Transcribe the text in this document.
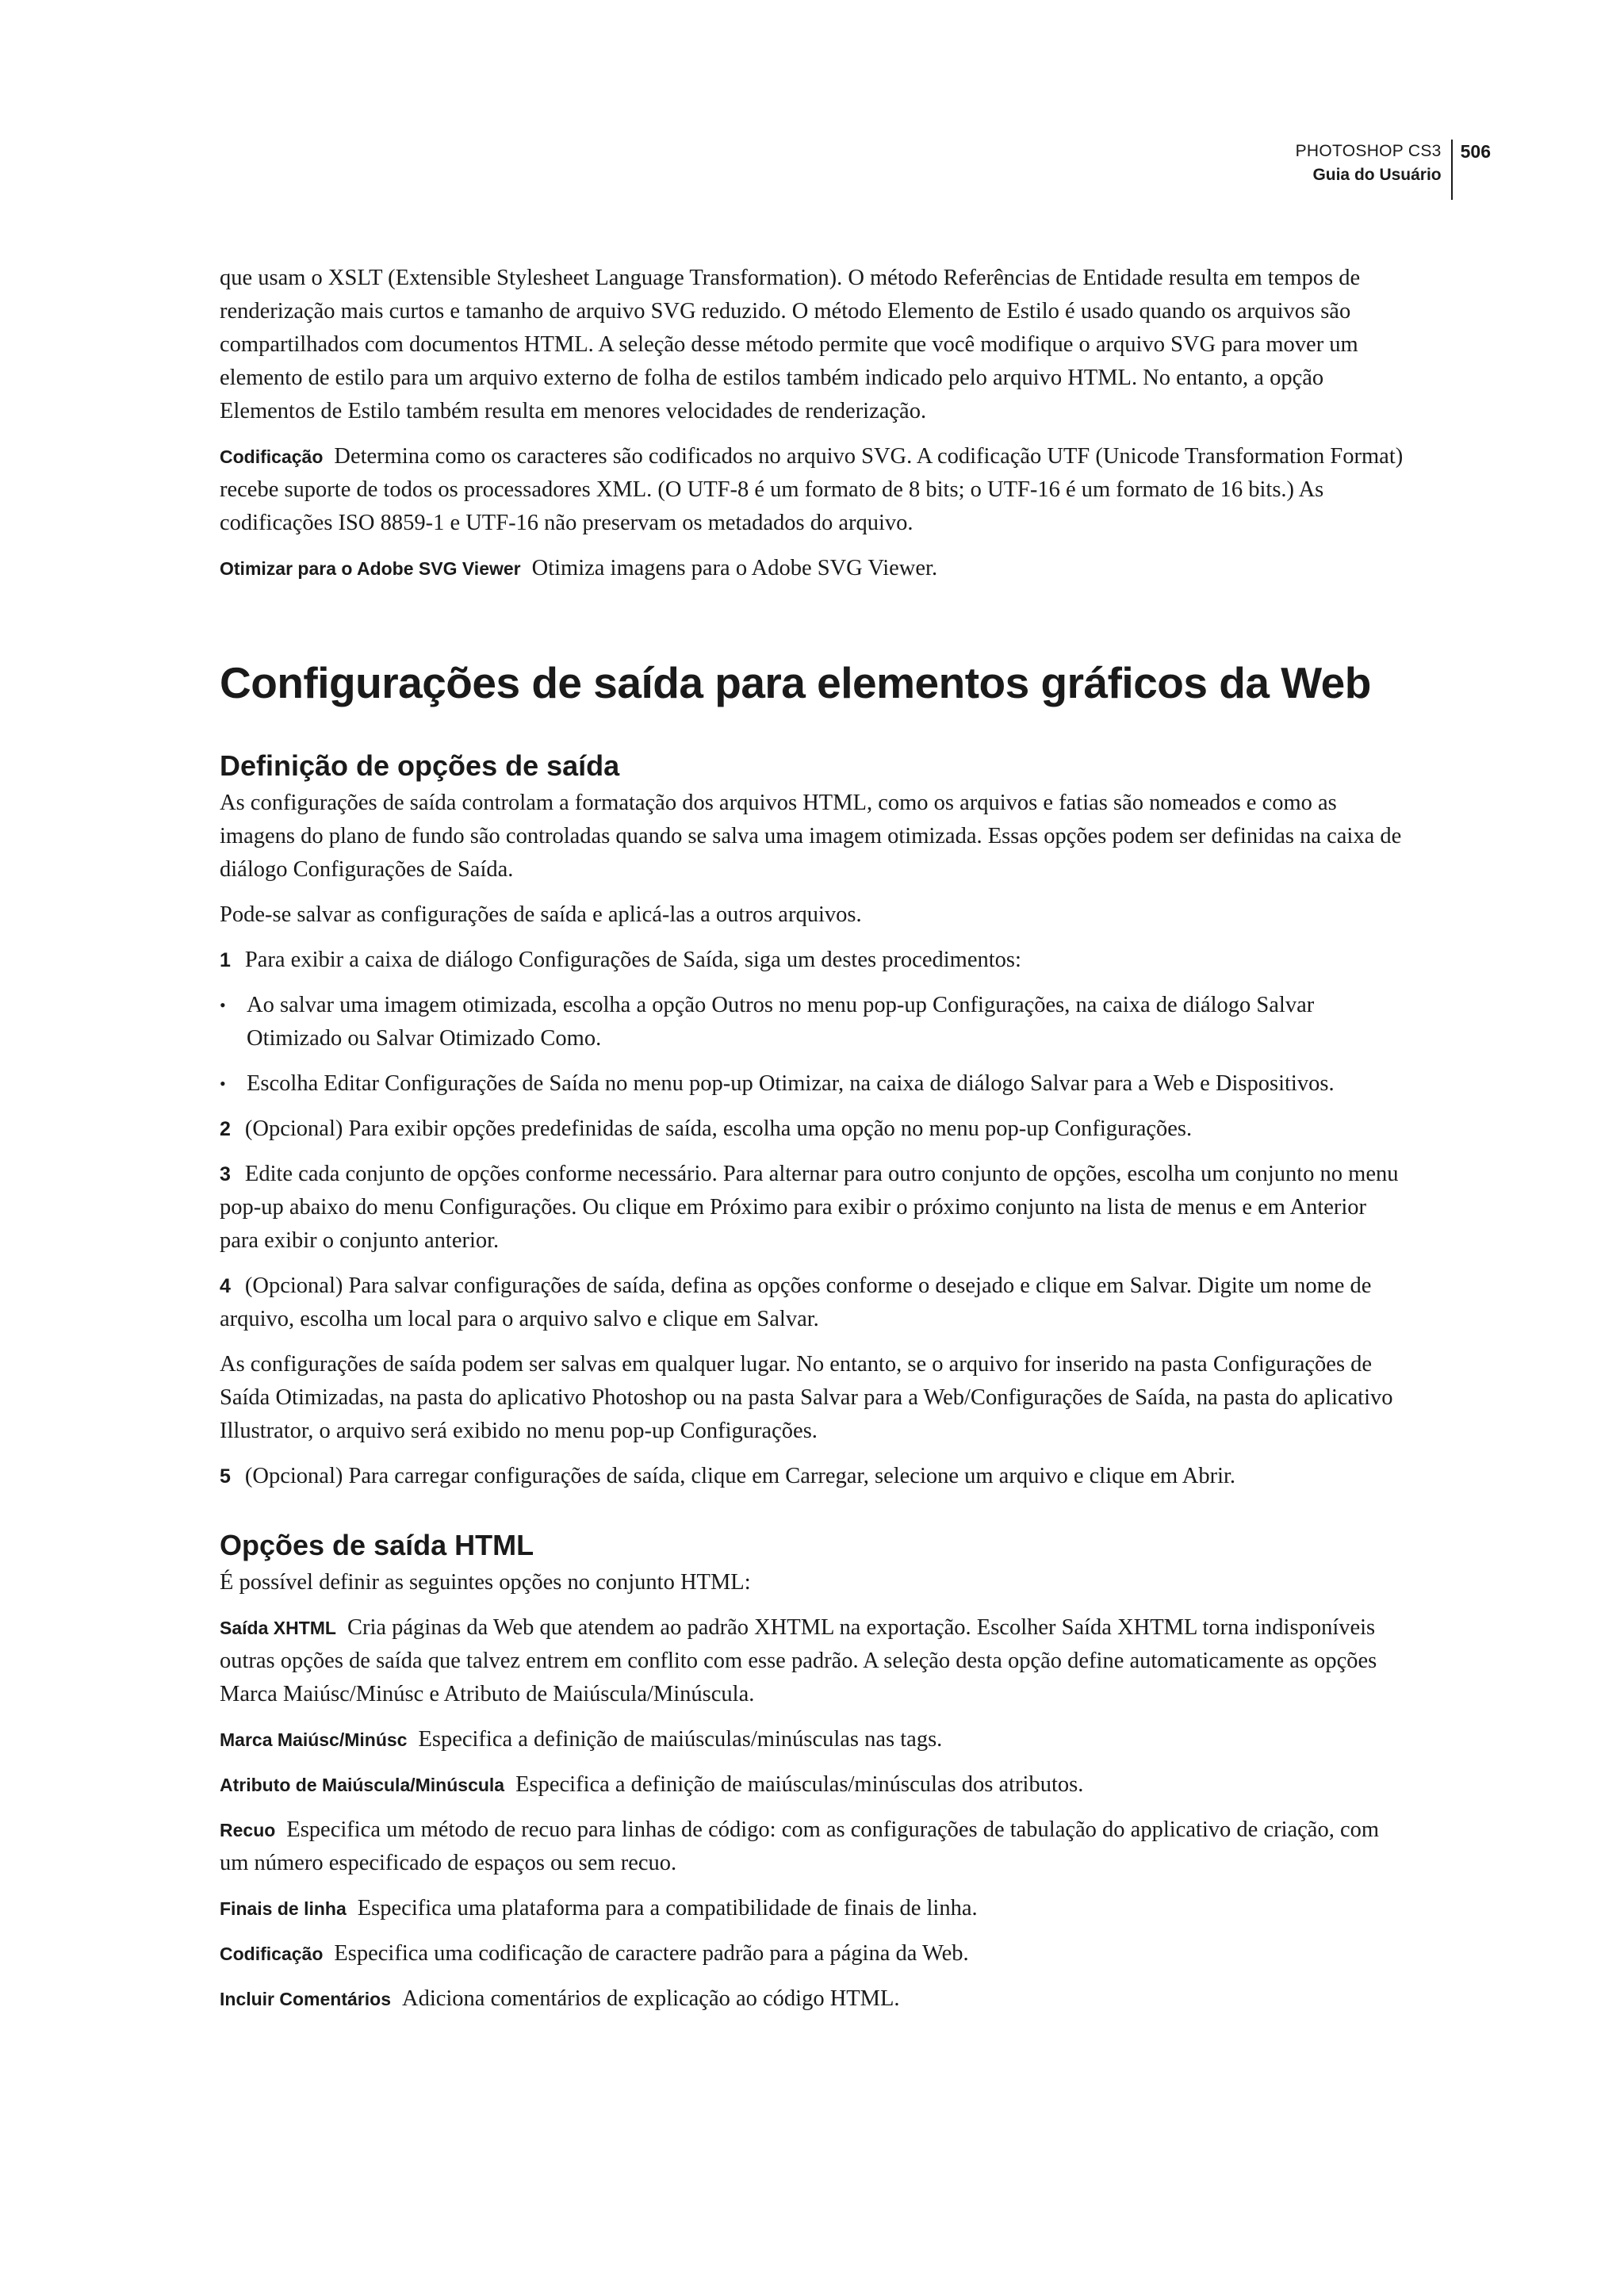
PHOTOSHOP CS3
Guia do Usuário
506

que usam o XSLT (Extensible Stylesheet Language Transformation). O método Referências de Entidade resulta em tempos de renderização mais curtos e tamanho de arquivo SVG reduzido. O método Elemento de Estilo é usado quando os arquivos são compartilhados com documentos HTML. A seleção desse método permite que você modifique o arquivo SVG para mover um elemento de estilo para um arquivo externo de folha de estilos também indicado pelo arquivo HTML. No entanto, a opção Elementos de Estilo também resulta em menores velocidades de renderização.

Codificação Determina como os caracteres são codificados no arquivo SVG. A codificação UTF (Unicode Transformation Format) recebe suporte de todos os processadores XML. (O UTF-8 é um formato de 8 bits; o UTF-16 é um formato de 16 bits.) As codificações ISO 8859-1 e UTF-16 não preservam os metadados do arquivo.

Otimizar para o Adobe SVG Viewer Otimiza imagens para o Adobe SVG Viewer.

Configurações de saída para elementos gráficos da Web
Definição de opções de saída

As configurações de saída controlam a formatação dos arquivos HTML, como os arquivos e fatias são nomeados e como as imagens do plano de fundo são controladas quando se salva uma imagem otimizada. Essas opções podem ser definidas na caixa de diálogo Configurações de Saída.

Pode-se salvar as configurações de saída e aplicá-las a outros arquivos.

1 Para exibir a caixa de diálogo Configurações de Saída, siga um destes procedimentos:

• Ao salvar uma imagem otimizada, escolha a opção Outros no menu pop-up Configurações, na caixa de diálogo Salvar Otimizado ou Salvar Otimizado Como.
• Escolha Editar Configurações de Saída no menu pop-up Otimizar, na caixa de diálogo Salvar para a Web e Dispositivos.

2 (Opcional) Para exibir opções predefinidas de saída, escolha uma opção no menu pop-up Configurações.

3 Edite cada conjunto de opções conforme necessário. Para alternar para outro conjunto de opções, escolha um conjunto no menu pop-up abaixo do menu Configurações. Ou clique em Próximo para exibir o próximo conjunto na lista de menus e em Anterior para exibir o conjunto anterior.

4 (Opcional) Para salvar configurações de saída, defina as opções conforme o desejado e clique em Salvar. Digite um nome de arquivo, escolha um local para o arquivo salvo e clique em Salvar.

As configurações de saída podem ser salvas em qualquer lugar. No entanto, se o arquivo for inserido na pasta Configurações de Saída Otimizadas, na pasta do aplicativo Photoshop ou na pasta Salvar para a Web/Configurações de Saída, na pasta do aplicativo Illustrator, o arquivo será exibido no menu pop-up Configurações.

5 (Opcional) Para carregar configurações de saída, clique em Carregar, selecione um arquivo e clique em Abrir.

Opções de saída HTML

É possível definir as seguintes opções no conjunto HTML:

Saída XHTML Cria páginas da Web que atendem ao padrão XHTML na exportação. Escolher Saída XHTML torna indisponíveis outras opções de saída que talvez entrem em conflito com esse padrão. A seleção desta opção define automaticamente as opções Marca Maiúsc/Minúsc e Atributo de Maiúscula/Minúscula.

Marca Maiúsc/Minúsc Especifica a definição de maiúsculas/minúsculas nas tags.

Atributo de Maiúscula/Minúscula Especifica a definição de maiúsculas/minúsculas dos atributos.

Recuo Especifica um método de recuo para linhas de código: com as configurações de tabulação do applicativo de criação, com um número especificado de espaços ou sem recuo.

Finais de linha Especifica uma plataforma para a compatibilidade de finais de linha.

Codificação Especifica uma codificação de caractere padrão para a página da Web.

Incluir Comentários Adiciona comentários de explicação ao código HTML.
